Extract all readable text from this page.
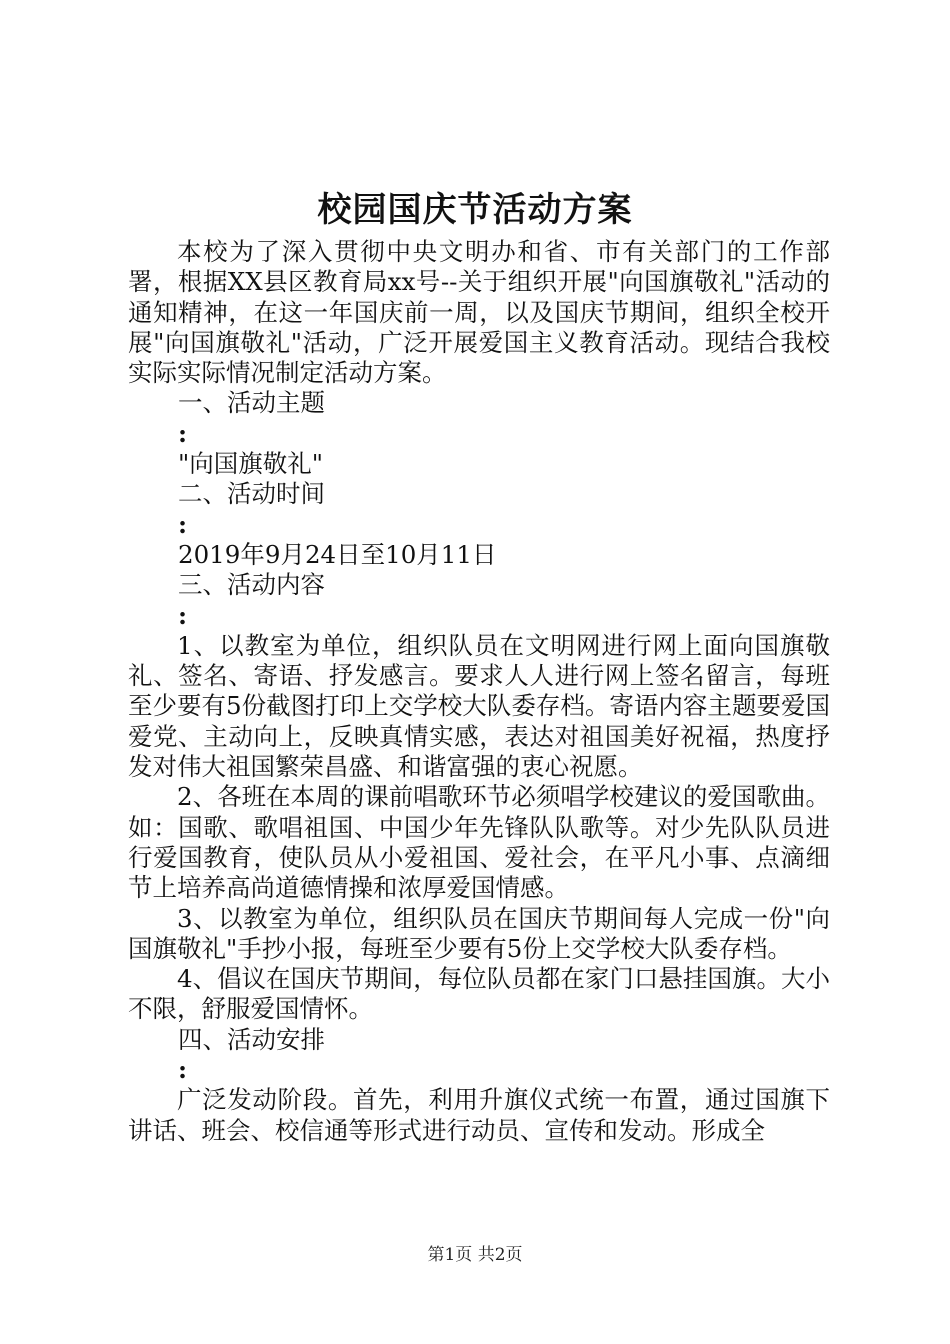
校园国庆节活动方案

本校为了深入贯彻中央文明办和省、市有关部门的工作部署，根据XX县区教育局xx号--关于组织开展"向国旗敬礼"活动的通知精神，在这一年国庆前一周，以及国庆节期间，组织全校开展"向国旗敬礼"活动，广泛开展爱国主义教育活动。现结合我校实际实际情况制定活动方案。

一、活动主题

:

"向国旗敬礼"

二、活动时间

:

2019年9月24日至10月11日

三、活动内容

:

1、以教室为单位，组织队员在文明网进行网上面向国旗敬礼、签名、寄语、抒发感言。要求人人进行网上签名留言，每班至少要有5份截图打印上交学校大队委存档。寄语内容主题要爱国爱党、主动向上，反映真情实感，表达对祖国美好祝福，热度抒发对伟大祖国繁荣昌盛、和谐富强的衷心祝愿。

2、各班在本周的课前唱歌环节必须唱学校建议的爱国歌曲。如：国歌、歌唱祖国、中国少年先锋队队歌等。对少先队队员进行爱国教育，使队员从小爱祖国、爱社会，在平凡小事、点滴细节上培养高尚道德情操和浓厚爱国情感。

3、以教室为单位，组织队员在国庆节期间每人完成一份"向国旗敬礼"手抄小报，每班至少要有5份上交学校大队委存档。

4、倡议在国庆节期间，每位队员都在家门口悬挂国旗。大小不限，舒服爱国情怀。

四、活动安排

:

广泛发动阶段。首先，利用升旗仪式统一布置，通过国旗下讲话、班会、校信通等形式进行动员、宣传和发动。形成全

第1页 共2页
